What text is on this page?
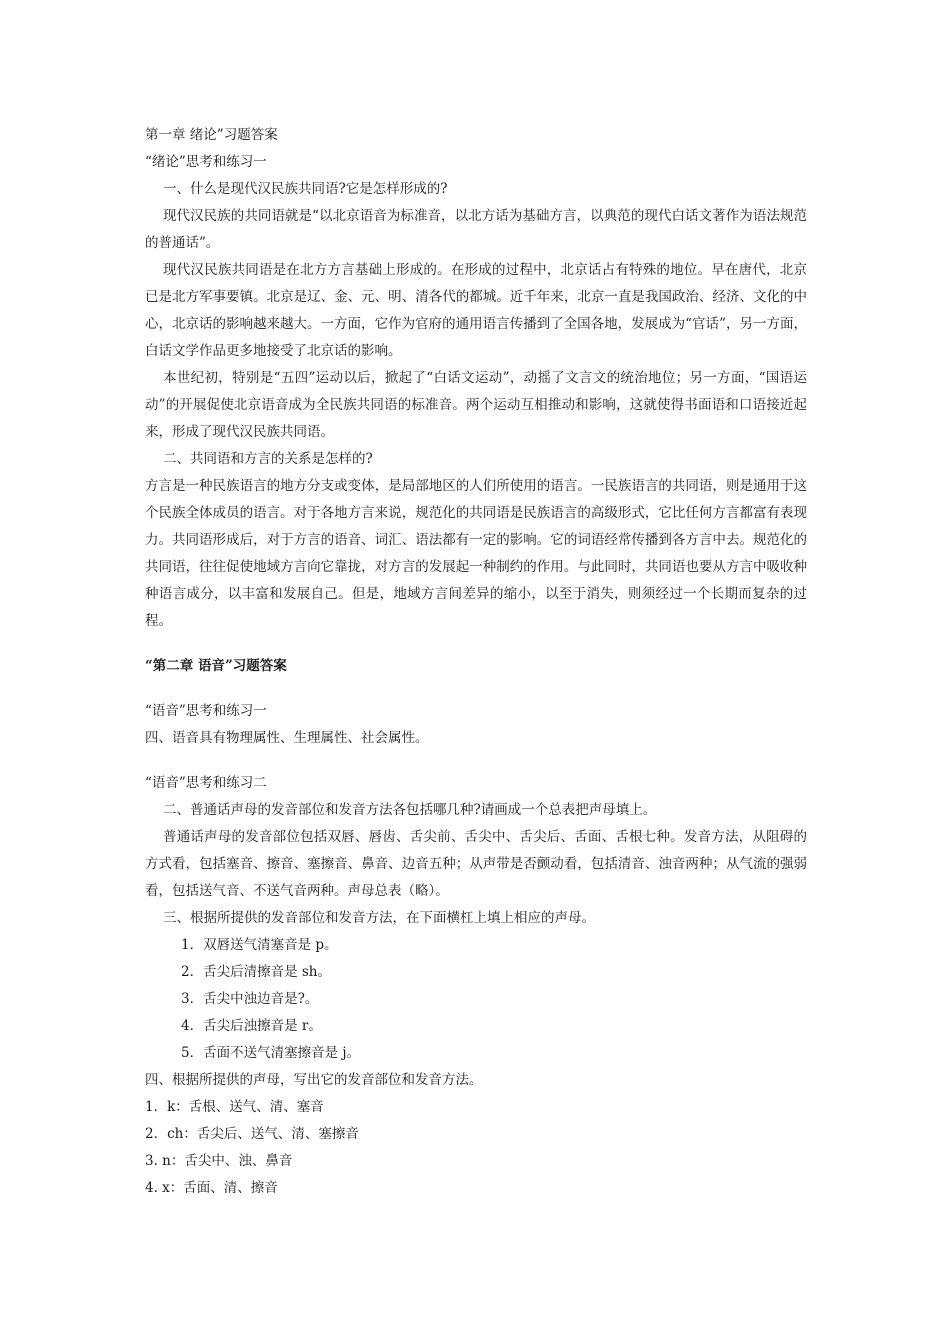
第一章 绪论”习题答案
“绪论”思考和练习一
一、什么是现代汉民族共同语?它是怎样形成的?
现代汉民族的共同语就是“以北京语音为标准音，以北方话为基础方言，以典范的现代白话文著作为语法规范的普通话”。
现代汉民族共同语是在北方方言基础上形成的。在形成的过程中，北京话占有特殊的地位。早在唐代，北京已是北方军事要镇。北京是辽、金、元、明、清各代的都城。近千年来，北京一直是我国政治、经济、文化的中心，北京话的影响越来越大。一方面，它作为官府的通用语言传播到了全国各地，发展成为“官话”，另一方面，白话文学作品更多地接受了北京话的影响。
本世纪初，特别是“五四”运动以后，掀起了“白话文运动”，动摇了文言文的统治地位；另一方面，“国语运动”的开展促使北京语音成为全民族共同语的标准音。两个运动互相推动和影响，这就使得书面语和口语接近起来，形成了现代汉民族共同语。
二、共同语和方言的关系是怎样的?
方言是一种民族语言的地方分支或变体，是局部地区的人们所使用的语言。一民族语言的共同语，则是通用于这个民族全体成员的语言。对于各地方言来说，规范化的共同语是民族语言的高级形式，它比任何方言都富有表现力。共同语形成后，对于方言的语音、词汇、语法都有一定的影响。它的词语经常传播到各方言中去。规范化的共同语，往往促使地域方言向它靠拢，对方言的发展起一种制约的作用。与此同时，共同语也要从方言中吸收种种语言成分，以丰富和发展自己。但是，地域方言间差异的缩小，以至于消失，则须经过一个长期而复杂的过程。
“第二章 语音”习题答案
“语音”思考和练习一
四、语音具有物理属性、生理属性、社会属性。
“语音”思考和练习二
二、普通话声母的发音部位和发音方法各包括哪几种?请画成一个总表把声母填上。
普通话声母的发音部位包括双唇、唇齿、舌尖前、舌尖中、舌尖后、舌面、舌根七种。发音方法，从阻碍的方式看，包括塞音、擦音、塞擦音、鼻音、边音五种；从声带是否颤动看，包括清音、浊音两种；从气流的强弱看，包括送气音、不送气音两种。声母总表（略）。
三、根据所提供的发音部位和发音方法，在下面横杠上填上相应的声母。
1．双唇送气清塞音是 p。
2．舌尖后清擦音是 sh。
3．舌尖中浊边音是?。
4．舌尖后浊擦音是 r。
5．舌面不送气清塞擦音是 j。
四、根据所提供的声母，写出它的发音部位和发音方法。
1．k：舌根、送气、清、塞音
2．ch：舌尖后、送气、清、塞擦音
3. n：舌尖中、浊、鼻音
4. x：舌面、清、擦音
